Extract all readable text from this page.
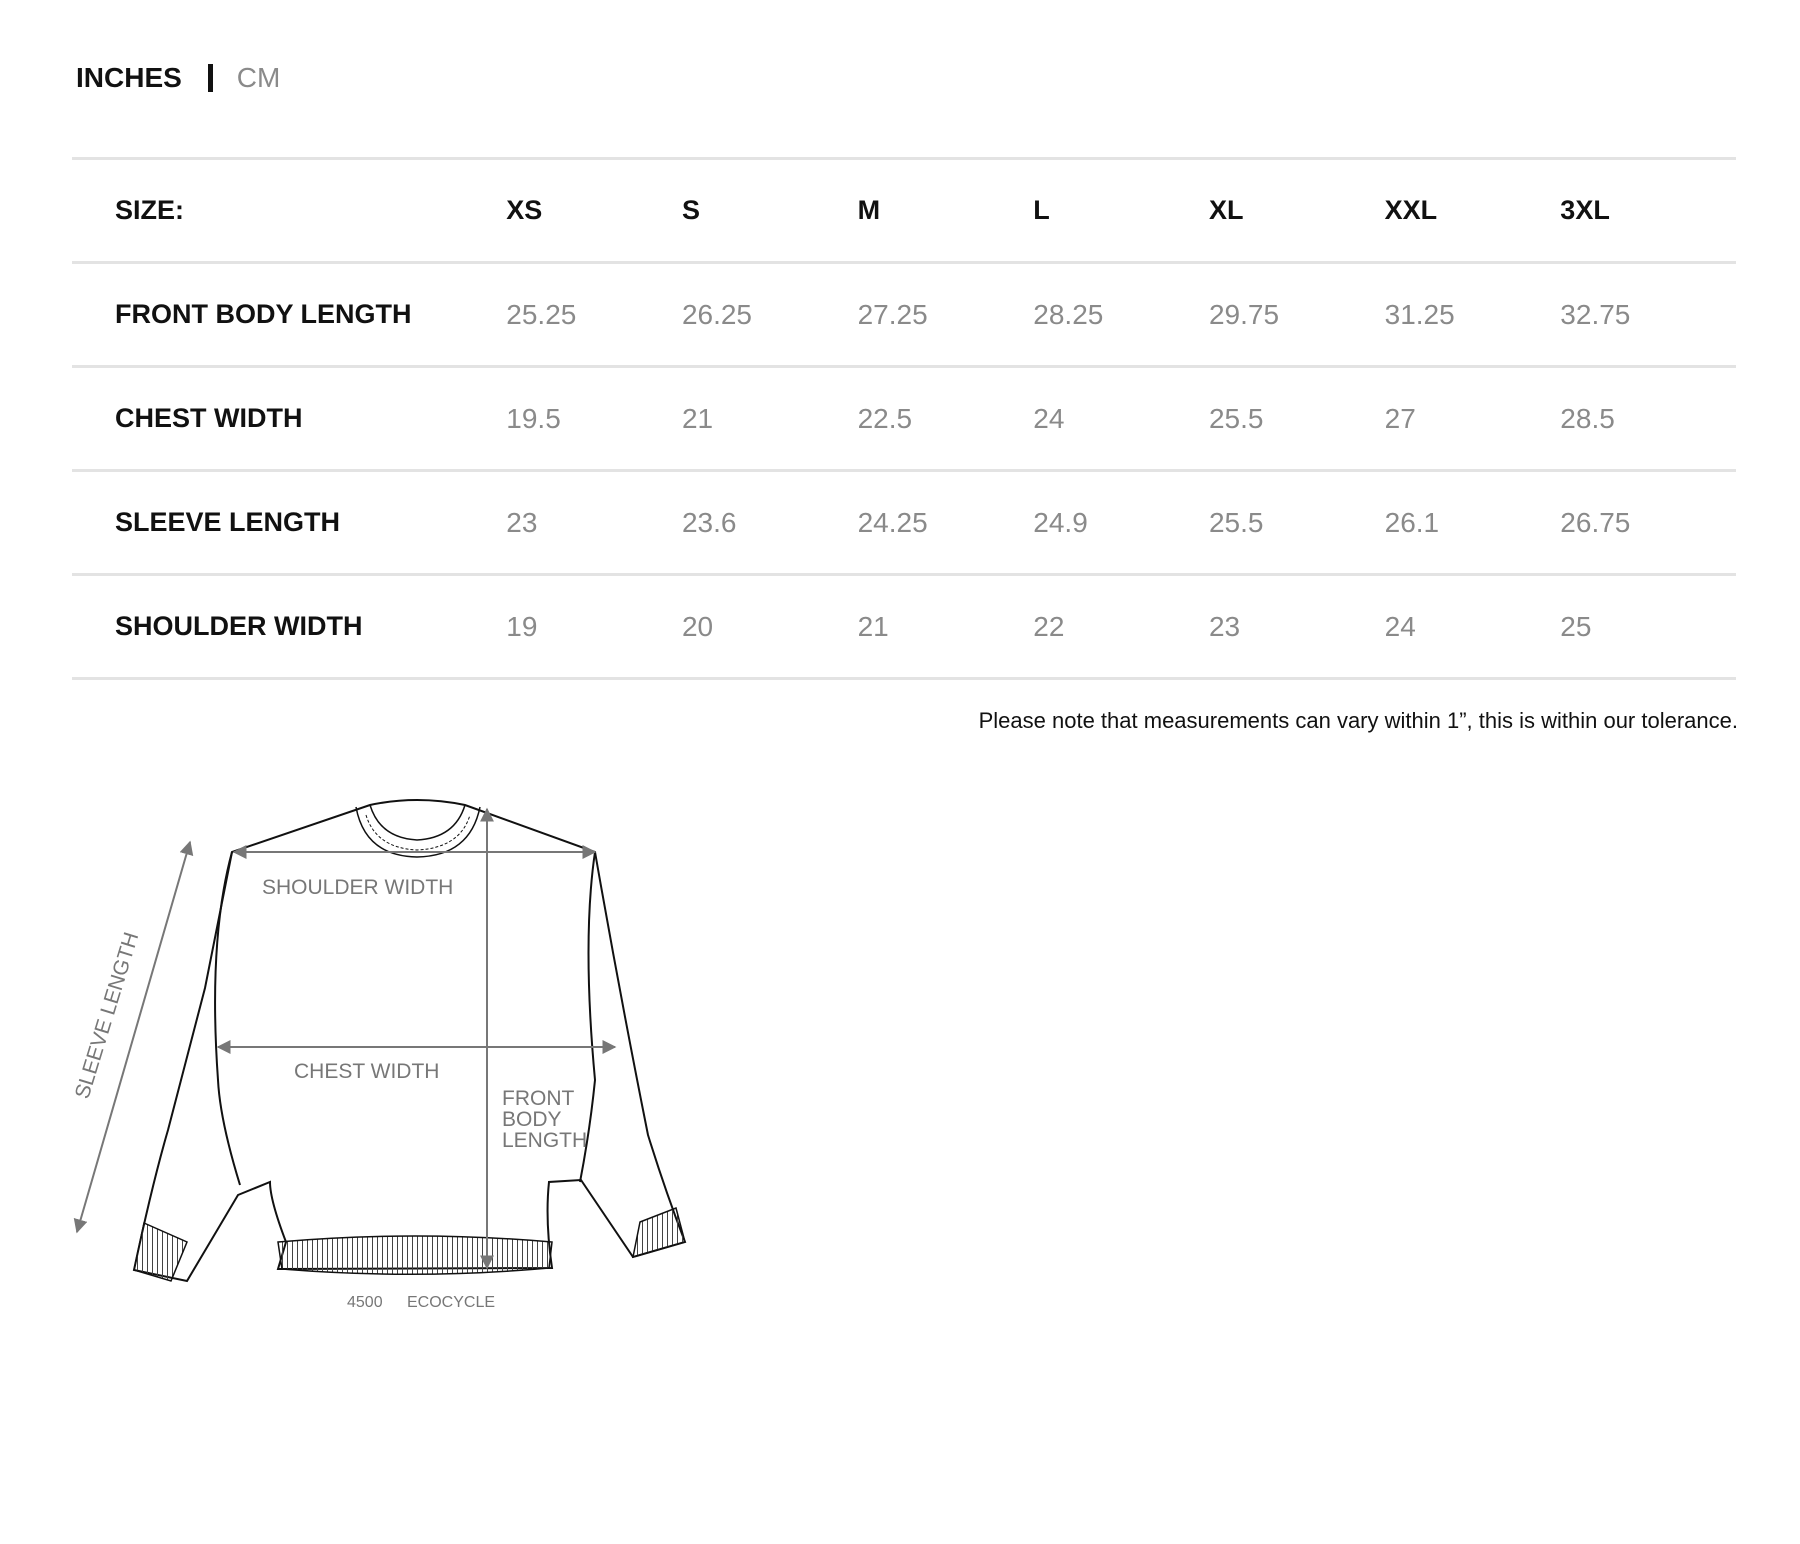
INCHES CM
SIZE:	XS	S	M	L	XL	XXL	3XL
FRONT BODY LENGTH	25.25	26.25	27.25	28.25	29.75	31.25	32.75
CHEST WIDTH	19.5	21	22.5	24	25.5	27	28.5
SLEEVE LENGTH	23	23.6	24.25	24.9	25.5	26.1	26.75
SHOULDER WIDTH	19	20	21	22	23	24	25
Please note that measurements can vary within 1”, this is within our tolerance.
SHOULDER WIDTH
CHEST WIDTH
FRONT
BODY
LENGTH
SLEEVE LENGTH
4500 ECOCYCLE
